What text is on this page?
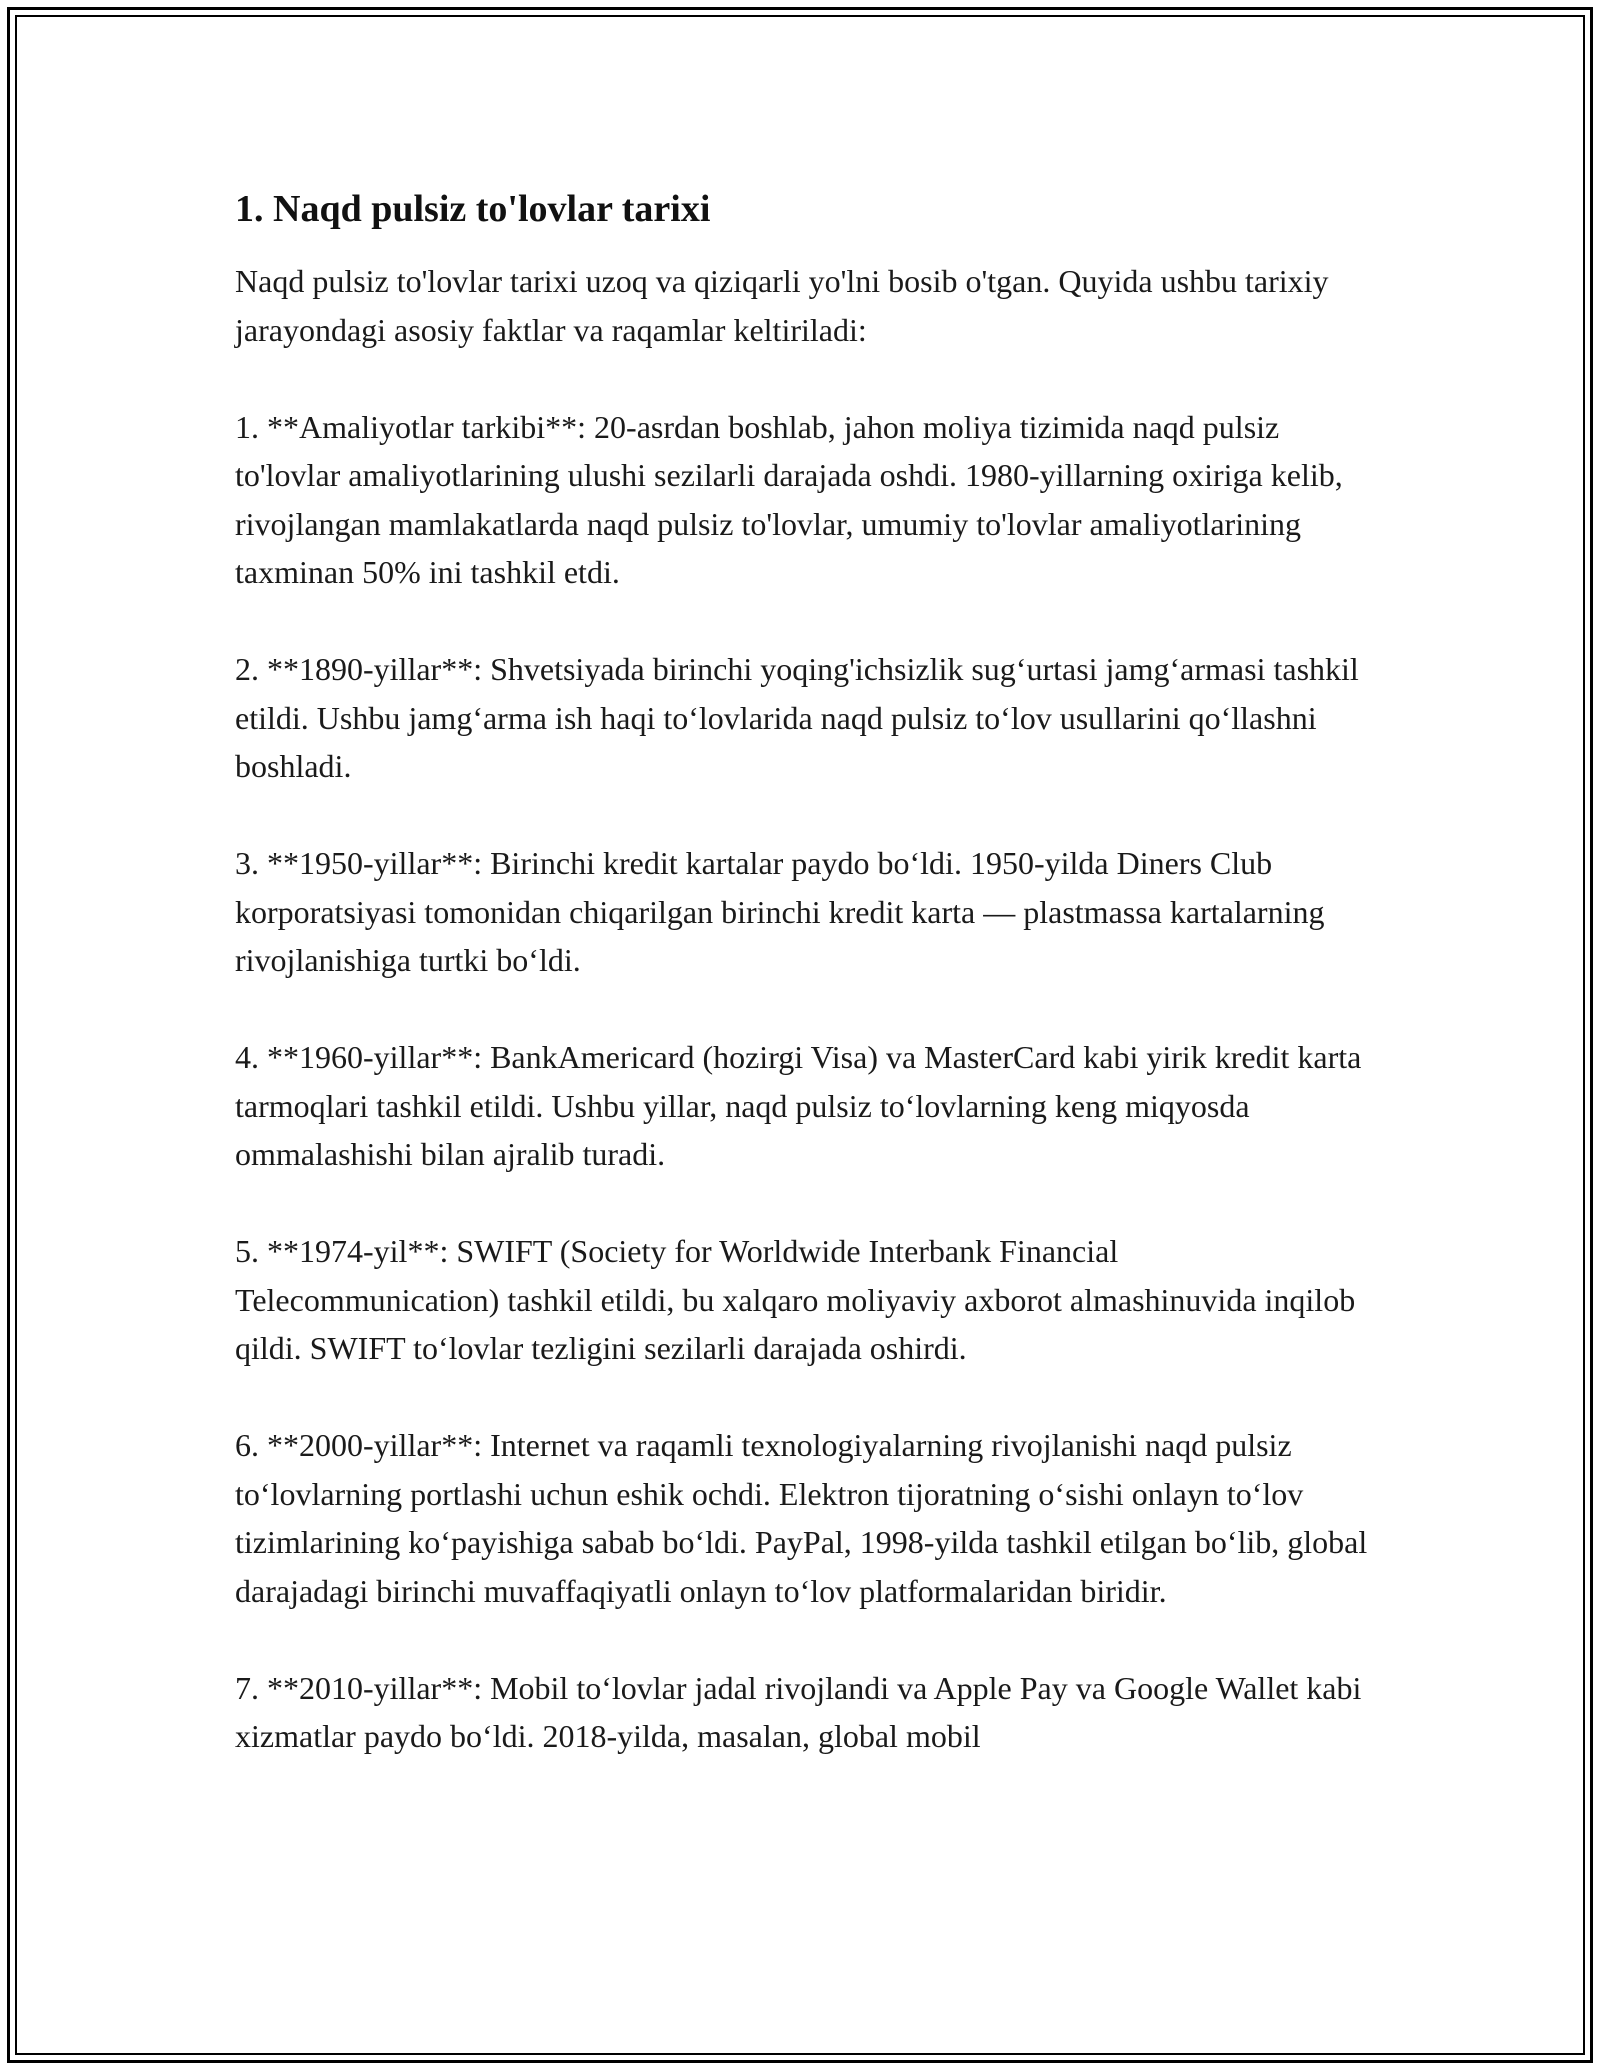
1. Naqd pulsiz to'lovlar tarixi

Naqd pulsiz to'lovlar tarixi uzoq va qiziqarli yo'lni bosib o'tgan. Quyida ushbu tarixiy jarayondagi asosiy faktlar va raqamlar keltiriladi:

1. **Amaliyotlar tarkibi**: 20-asrdan boshlab, jahon moliya tizimida naqd pulsiz to'lovlar amaliyotlarining ulushi sezilarli darajada oshdi. 1980-yillarning oxiriga kelib, rivojlangan mamlakatlarda naqd pulsiz to'lovlar, umumiy to'lovlar amaliyotlarining taxminan 50% ini tashkil etdi.

2. **1890-yillar**: Shvetsiyada birinchi yoqing'ichsizlik sug‘urtasi jamg‘armasi tashkil etildi. Ushbu jamg‘arma ish haqi to‘lovlarida naqd pulsiz to‘lov usullarini qo‘llashni boshladi.

3. **1950-yillar**: Birinchi kredit kartalar paydo bo‘ldi. 1950-yilda Diners Club korporatsiyasi tomonidan chiqarilgan birinchi kredit karta — plastmassa kartalarning rivojlanishiga turtki bo‘ldi.

4. **1960-yillar**: BankAmericard (hozirgi Visa) va MasterCard kabi yirik kredit karta tarmoqlari tashkil etildi. Ushbu yillar, naqd pulsiz to‘lovlarning keng miqyosda ommalashishi bilan ajralib turadi.

5. **1974-yil**: SWIFT (Society for Worldwide Interbank Financial Telecommunication) tashkil etildi, bu xalqaro moliyaviy axborot almashinuvida inqilob qildi. SWIFT to‘lovlar tezligini sezilarli darajada oshirdi.

6. **2000-yillar**: Internet va raqamli texnologiyalarning rivojlanishi naqd pulsiz to‘lovlarning portlashi uchun eshik ochdi. Elektron tijoratning o‘sishi onlayn to‘lov tizimlarining ko‘payishiga sabab bo‘ldi. PayPal, 1998-yilda tashkil etilgan bo‘lib, global darajadagi birinchi muvaffaqiyatli onlayn to‘lov platformalaridan biridir.

7. **2010-yillar**: Mobil to‘lovlar jadal rivojlandi va Apple Pay va Google Wallet kabi xizmatlar paydo bo‘ldi. 2018-yilda, masalan, global mobil
